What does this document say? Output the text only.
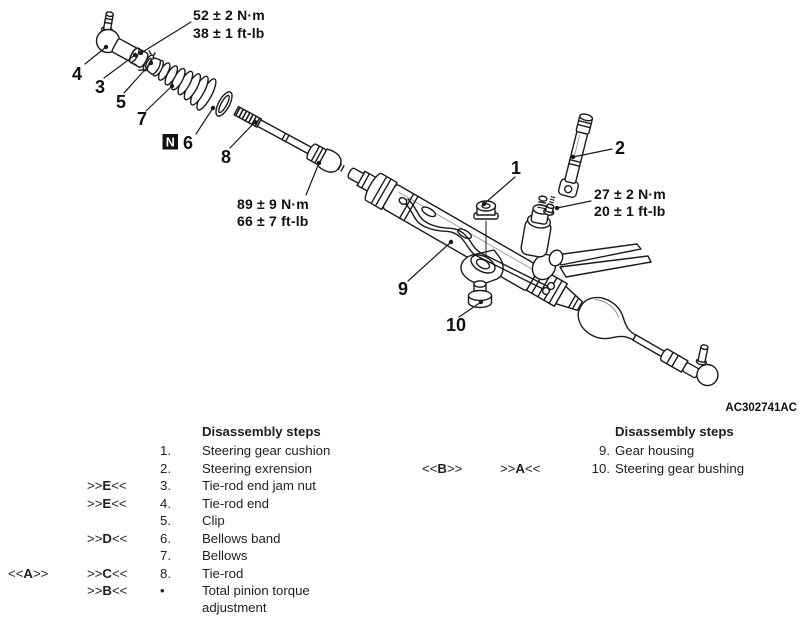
52 ± 2 N·m
38 ± 1 ft-lb
89 ± 9 N·m
66 ± 7 ft-lb
27 ± 2 N·m
20 ± 1 ft-lb
4
3
5
7
6
8
1
2
9
10
N
AC302741AC
Disassembly steps
1. Steering gear cushion
2. Steering exrension
>>E<<	3. Tie-rod end jam nut
>>E<<	4. Tie-rod end
5. Clip
>>D<< 6. Bellows band
7. Bellows
<<A>>	>>C<< 8. Tie-rod
>>B<< •	Total pinion torque adjustment
Disassembly steps
9. Gear housing
<<B>>	>>A<<	10. Steering gear bushing
